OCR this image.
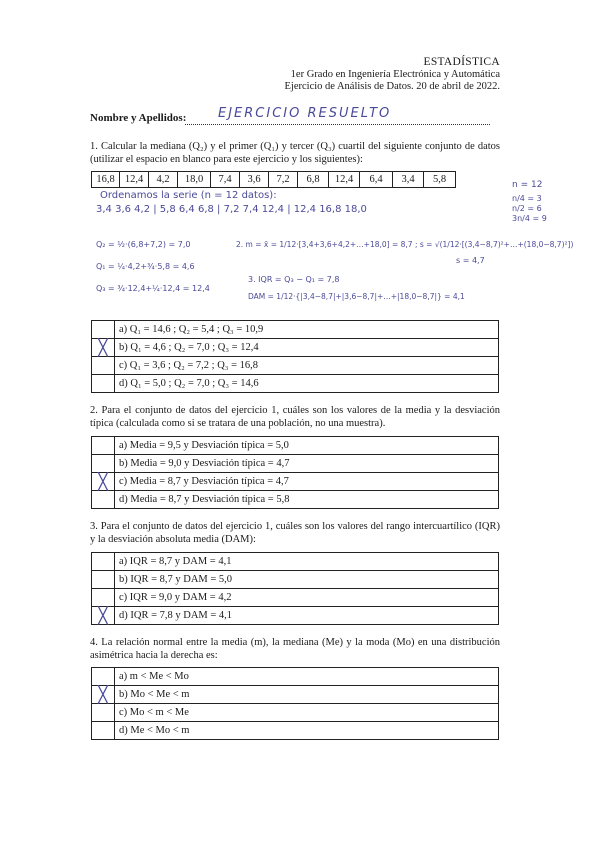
ESTADÍSTICA
1er Grado en Ingeniería Electrónica y Automática
Ejercicio de Análisis de Datos. 20 de abril de 2022.
Nombre y Apellidos: EJERCICIO RESUELTO
1. Calcular la mediana (Q₂) y el primer (Q₁) y tercer (Q₃) cuartil del siguiente conjunto de datos (utilizar el espacio en blanco para este ejercicio y los siguientes):
16,8	12,4	4,2	18,0	7,4	3,6	7,2	6,8	12,4	6,4	3,4	5,8
Ordenamos la serie (n = 12 datos):
3,4 3,6 4,2 | 5,8 6,4 6,8 | 7,2 7,4 12,4 | 12,4 16,8 18,0
n = 12
n/4 = 3
n/2 = 6
3n/4 = 9
Q₂ = ½·(6,8+7,2) = 7,0
Q₁ = ¼·4,2+¾·5,8 = 4,6
Q₃ = ¾·12,4+¼·12,4 = 12,4
2. m = x̄ = 1/12·[3,4+3,6+4,2+…+18,0] = 8,7 ; s = √(1/12·[(3,4−8,7)²+…+(18,0−8,7)²])
s = 4,7
3. IQR = Q₃ − Q₁ = 7,8
DAM = 1/12·{|3,4−8,7|+|3,6−8,7|+…+|18,0−8,7|} = 4,1
	a) Q₁ = 14,6 ; Q₂ = 5,4 ; Q₃ = 10,9
╳	b) Q₁ = 4,6 ; Q₂ = 7,0 ; Q₃ = 12,4
	c) Q₁ = 3,6 ; Q₂ = 7,2 ; Q₃ = 16,8
	d) Q₁ = 5,0 ; Q₂ = 7,0 ; Q₃ = 14,6
2. Para el conjunto de datos del ejercicio 1, cuáles son los valores de la media y la desviación típica (calculada como si se tratara de una población, no una muestra).
	a) Media = 9,5 y Desviación típica = 5,0
	b) Media = 9,0 y Desviación típica = 4,7
╳	c) Media = 8,7 y Desviación típica = 4,7
	d) Media = 8,7 y Desviación típica = 5,8
3. Para el conjunto de datos del ejercicio 1, cuáles son los valores del rango intercuartílico (IQR) y la desviación absoluta media (DAM):
	a) IQR = 8,7 y DAM = 4,1
	b) IQR = 8,7 y DAM = 5,0
	c) IQR = 9,0 y DAM = 4,2
╳	d) IQR = 7,8 y DAM = 4,1
4. La relación normal entre la media (m), la mediana (Me) y la moda (Mo) en una distribución asimétrica hacia la derecha es:
	a) m < Me < Mo
╳	b) Mo < Me < m
	c) Mo < m < Me
	d) Me < Mo < m
